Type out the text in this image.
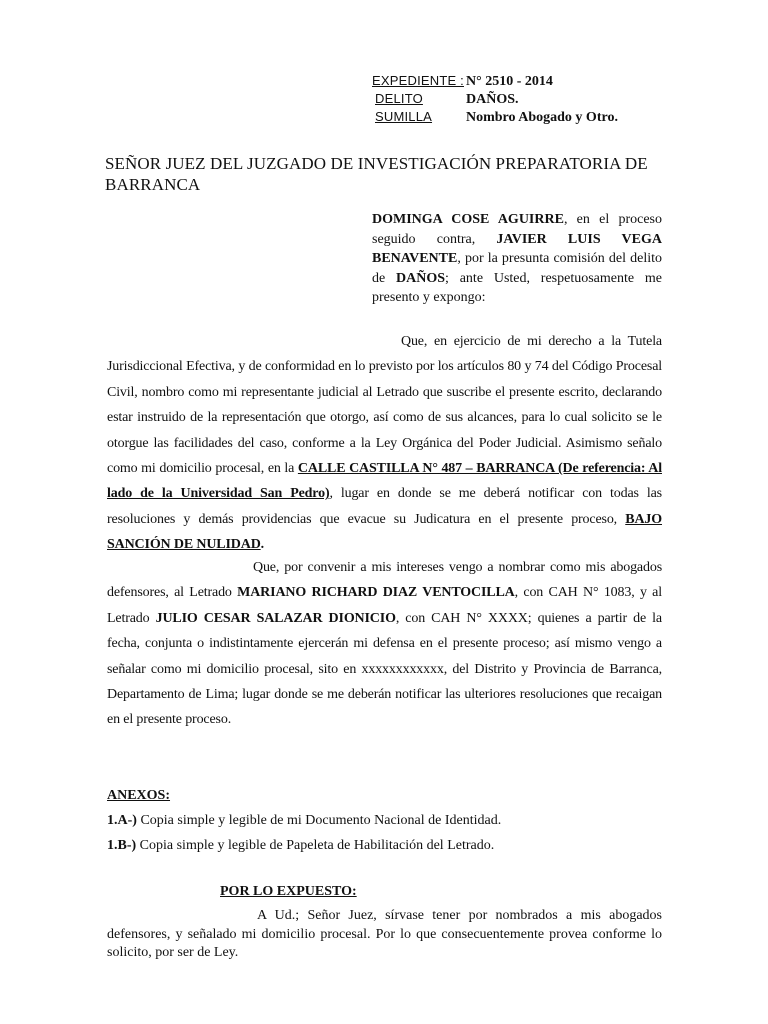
EXPEDIENTE : N° 2510 - 2014
DELITO	DAÑOS.
SUMILLA	Nombro Abogado y Otro.
SEÑOR JUEZ DEL JUZGADO DE INVESTIGACIÓN PREPARATORIA DE BARRANCA
DOMINGA COSE AGUIRRE, en el proceso seguido contra, JAVIER LUIS VEGA BENAVENTE, por la presunta comisión del delito de DAÑOS; ante Usted, respetuosamente me presento y expongo:
Que, en ejercicio de mi derecho a la Tutela Jurisdiccional Efectiva, y de conformidad en lo previsto por los artículos 80 y 74 del Código Procesal Civil, nombro como mi representante judicial al Letrado que suscribe el presente escrito, declarando estar instruido de la representación que otorgo, así como de sus alcances, para lo cual solicito se le otorgue las facilidades del caso, conforme a la Ley Orgánica del Poder Judicial. Asimismo señalo como mi domicilio procesal, en la CALLE CASTILLA N° 487 – BARRANCA (De referencia: Al lado de la Universidad San Pedro), lugar en donde se me deberá notificar con todas las resoluciones y demás providencias que evacue su Judicatura en el presente proceso, BAJO SANCIÓN DE NULIDAD.
Que, por convenir a mis intereses vengo a nombrar como mis abogados defensores, al Letrado MARIANO RICHARD DIAZ VENTOCILLA, con CAH N° 1083, y al Letrado JULIO CESAR SALAZAR DIONICIO, con CAH N° XXXX; quienes a partir de la fecha, conjunta o indistintamente ejercerán mi defensa en el presente proceso; así mismo vengo a señalar como mi domicilio procesal, sito en xxxxxxxxxxxx, del Distrito y Provincia de Barranca, Departamento de Lima; lugar donde se me deberán notificar las ulteriores resoluciones que recaigan en el presente proceso.
ANEXOS:
1.A-) Copia simple y legible de mi Documento Nacional de Identidad.
1.B-) Copia simple y legible de Papeleta de Habilitación del Letrado.
POR LO EXPUESTO:
A Ud.; Señor Juez, sírvase tener por nombrados a mis abogados defensores, y señalado mi domicilio procesal. Por lo que consecuentemente provea conforme lo solicito, por ser de Ley.
